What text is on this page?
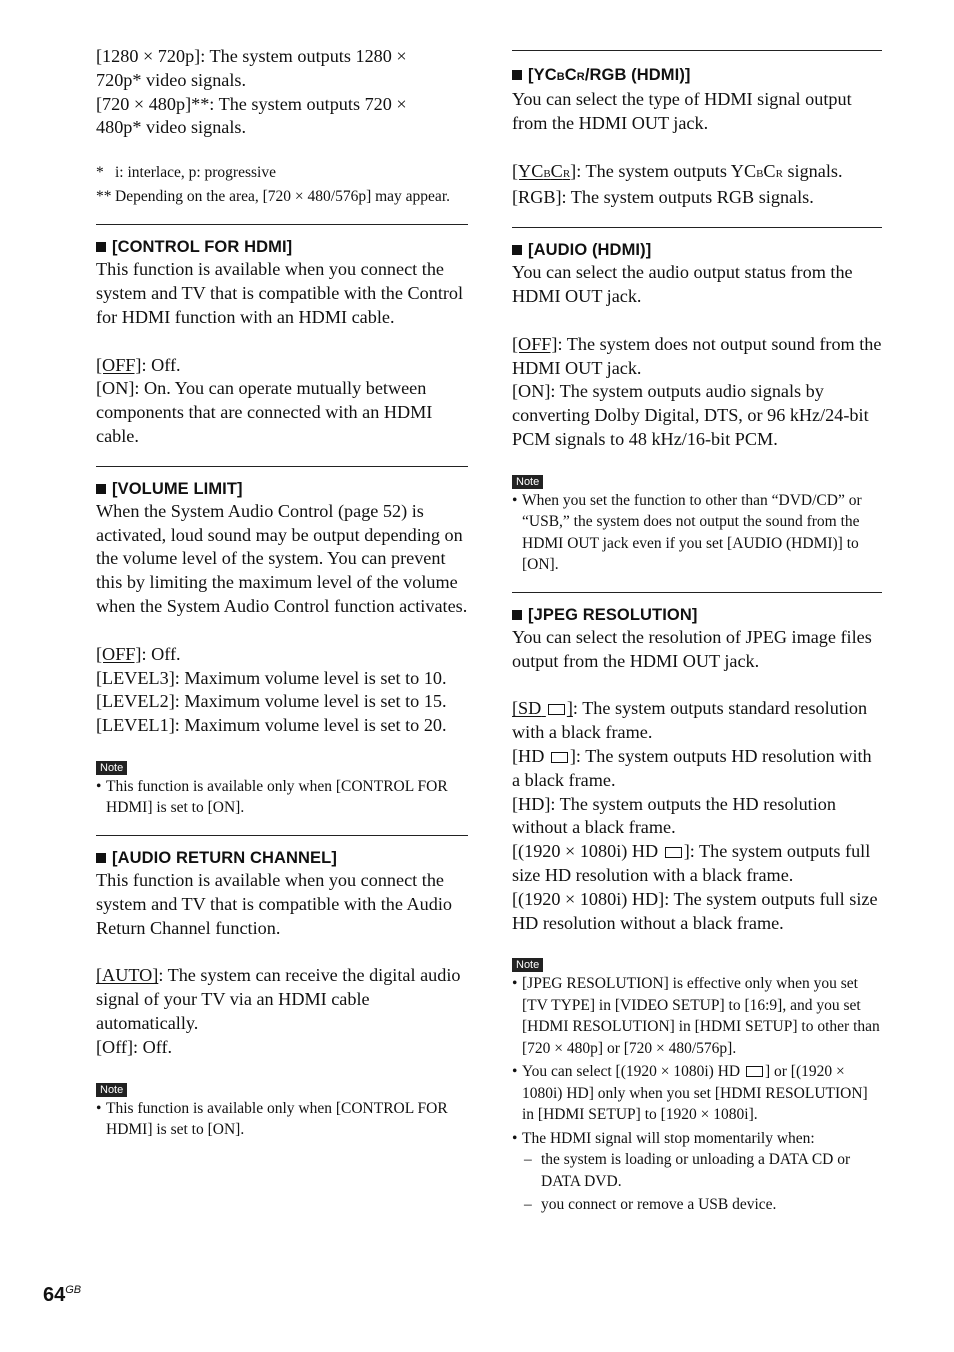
[1280 × 720p]: The system outputs 1280 ×

720p* video signals.

[720 × 480p]**: The system outputs 720 ×

480p* video signals.

* i: interlace, p: progressive

** Depending on the area, [720 × 480/576p] may appear.

[CONTROL FOR HDMI]

This function is available when you connect the system and TV that is compatible with the Control for HDMI function with an HDMI cable.

[OFF]: Off.

[ON]: On. You can operate mutually between components that are connected with an HDMI cable.

[VOLUME LIMIT]

When the System Audio Control (page 52) is activated, loud sound may be output depending on the volume level of the system. You can prevent this by limiting the maximum level of the volume when the System Audio Control function activates.

[OFF]: Off.

[LEVEL3]: Maximum volume level is set to 10.

[LEVEL2]: Maximum volume level is set to 15.

[LEVEL1]: Maximum volume level is set to 20.

Note

• This function is available only when [CONTROL FOR HDMI] is set to [ON].

[AUDIO RETURN CHANNEL]

This function is available when you connect the system and TV that is compatible with the Audio Return Channel function.

[AUTO]: The system can receive the digital audio signal of your TV via an HDMI cable automatically.

[Off]: Off.

Note

• This function is available only when [CONTROL FOR HDMI] is set to [ON].

[YCBCR/RGB (HDMI)]

You can select the type of HDMI signal output from the HDMI OUT jack.

[YCBCR]: The system outputs YCBCR signals.

[RGB]: The system outputs RGB signals.

[AUDIO (HDMI)]

You can select the audio output status from the HDMI OUT jack.

[OFF]: The system does not output sound from the HDMI OUT jack.

[ON]: The system outputs audio signals by converting Dolby Digital, DTS, or 96 kHz/24-bit PCM signals to 48 kHz/16-bit PCM.

Note

• When you set the function to other than “DVD/CD” or “USB,” the system does not output the sound from the HDMI OUT jack even if you set [AUDIO (HDMI)] to [ON].

[JPEG RESOLUTION]

You can select the resolution of JPEG image files output from the HDMI OUT jack.

[SD ]: The system outputs standard resolution with a black frame.

[HD ]: The system outputs HD resolution with a black frame.

[HD]: The system outputs the HD resolution without a black frame.

[(1920 × 1080i) HD ]: The system outputs full size HD resolution with a black frame.

[(1920 × 1080i) HD]: The system outputs full size HD resolution without a black frame.

Note

• [JPEG RESOLUTION] is effective only when you set [TV TYPE] in [VIDEO SETUP] to [16:9], and you set [HDMI RESOLUTION] in [HDMI SETUP] to other than [720 × 480p] or [720 × 480/576p].

• You can select [(1920 × 1080i) HD ] or [(1920 × 1080i) HD] only when you set [HDMI RESOLUTION] in [HDMI SETUP] to [1920 × 1080i].

• The HDMI signal will stop momentarily when:

– the system is loading or unloading a DATA CD or DATA DVD.

– you connect or remove a USB device.

$64^{GB}$
